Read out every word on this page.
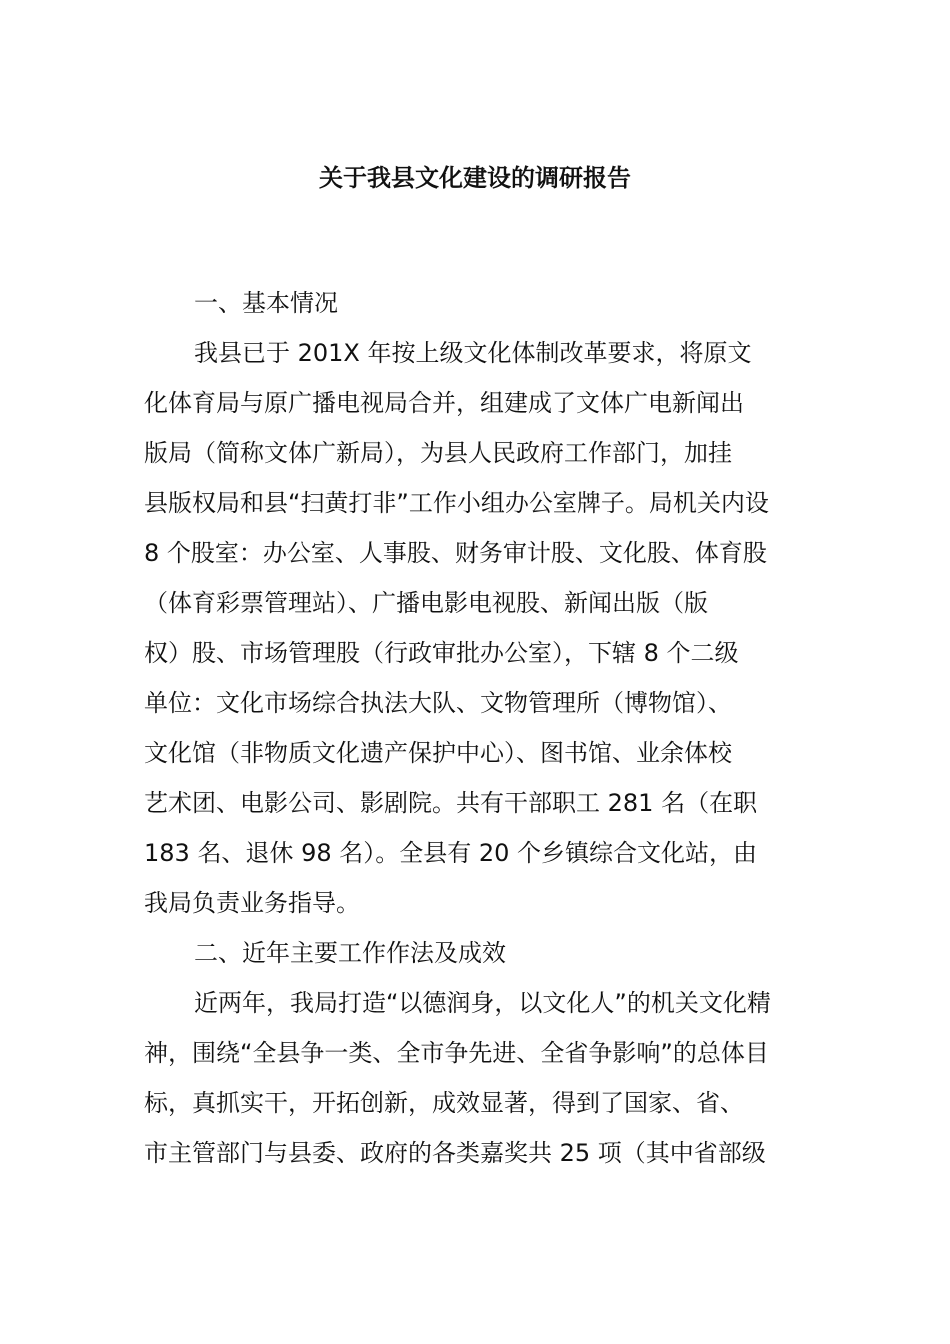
关于我县文化建设的调研报告
一、基本情况
我县已于 201X 年按上级文化体制改革要求，将原文
化体育局与原广播电视局合并，组建成了文体广电新闻出
版局（简称文体广新局），为县人民政府工作部门，加挂
县版权局和县“扫黄打非”工作小组办公室牌子。局机关内设
8 个股室：办公室、人事股、财务审计股、文化股、体育股
（体育彩票管理站）、广播电影电视股、新闻出版（版
权）股、市场管理股（行政审批办公室），下辖 8 个二级
单位：文化市场综合执法大队、文物管理所（博物馆）、
文化馆（非物质文化遗产保护中心）、图书馆、业余体校
艺术团、电影公司、影剧院。共有干部职工 281 名（在职
183 名、退休 98 名）。全县有 20 个乡镇综合文化站，由
我局负责业务指导。
二、近年主要工作作法及成效
近两年，我局打造“以德润身，以文化人”的机关文化精
神，围绕“全县争一类、全市争先进、全省争影响”的总体目
标，真抓实干，开拓创新，成效显著，得到了国家、省、
市主管部门与县委、政府的各类嘉奖共 25 项（其中省部级
